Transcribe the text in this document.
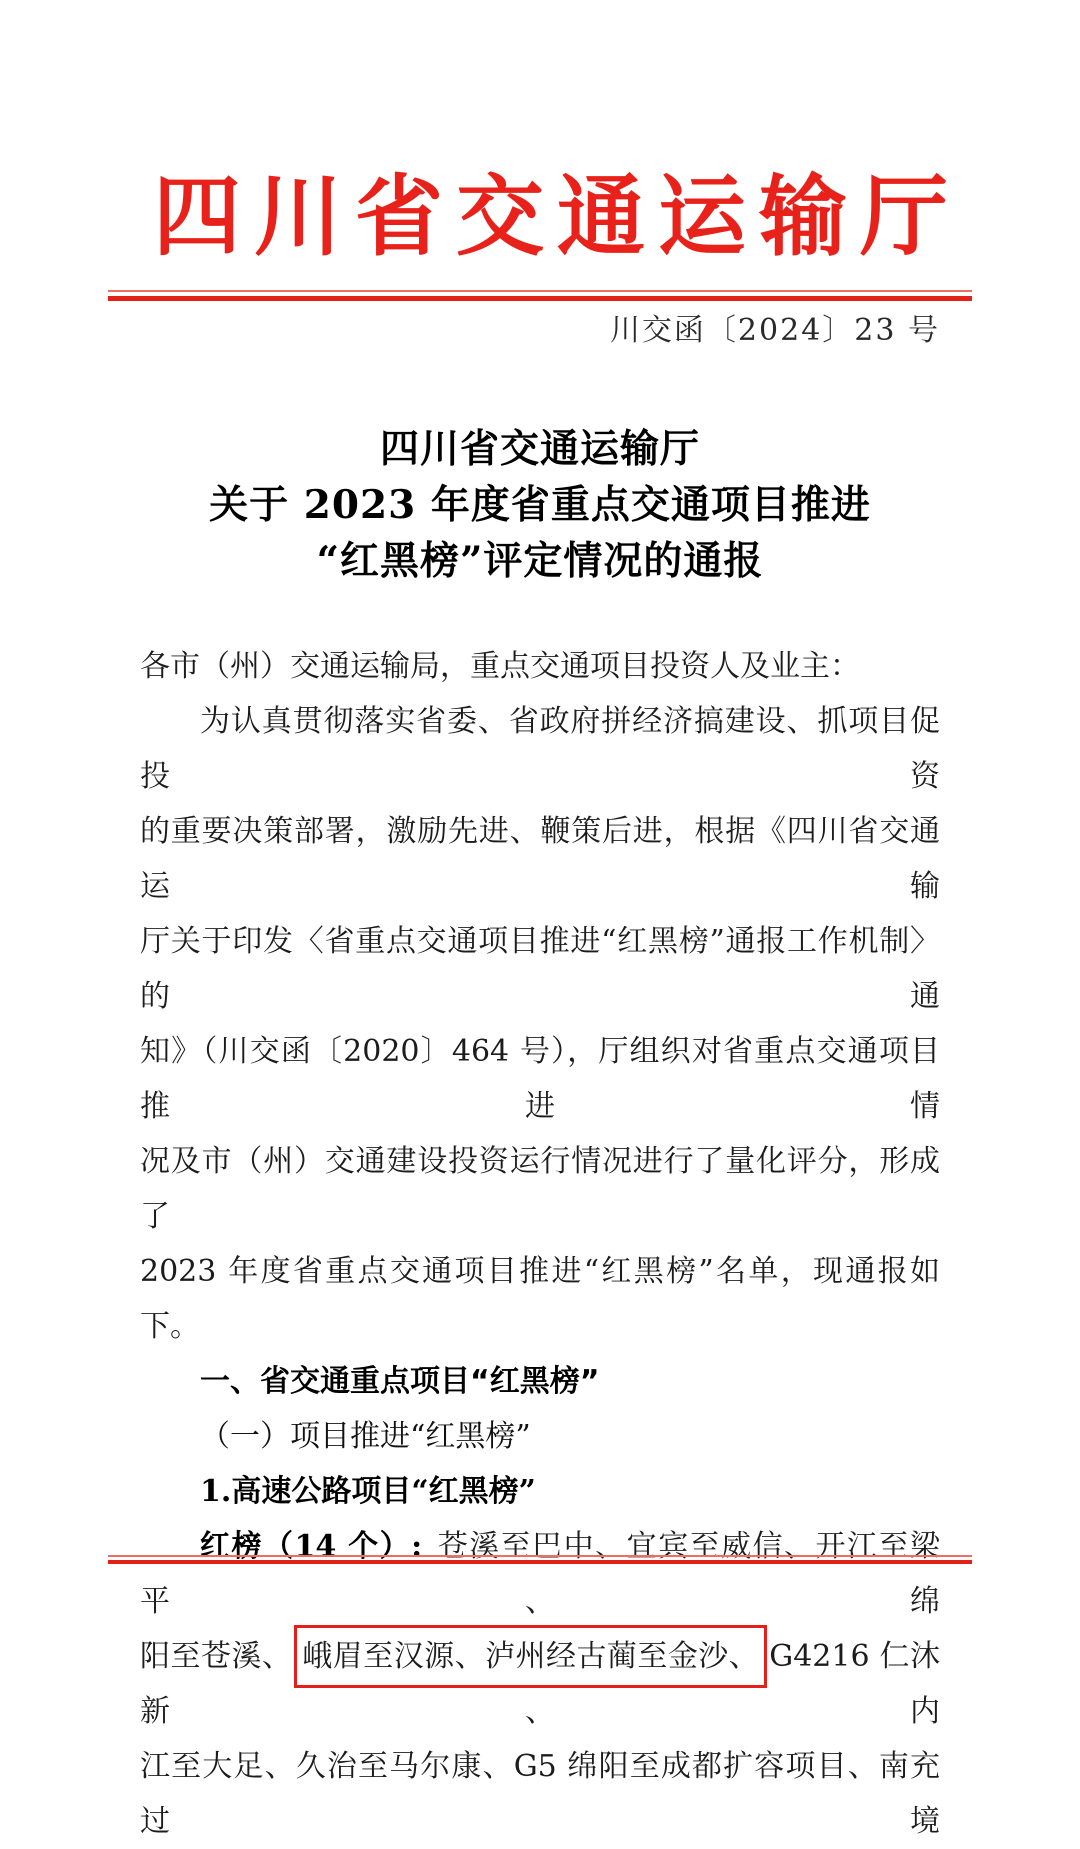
四川省交通运输厅
川交函〔2024〕23 号
四川省交通运输厅
关于 2023 年度省重点交通项目推进
“红黑榜”评定情况的通报
各市（州）交通运输局，重点交通项目投资人及业主：
为认真贯彻落实省委、省政府拼经济搞建设、抓项目促投资
的重要决策部署，激励先进、鞭策后进，根据《四川省交通运输
厅关于印发〈省重点交通项目推进“红黑榜”通报工作机制〉的通
知》（川交函〔2020〕464 号），厅组织对省重点交通项目推进情
况及市（州）交通建设投资运行情况进行了量化评分，形成了
2023 年度省重点交通项目推进“红黑榜”名单，现通报如下。
一、省交通重点项目“红黑榜”
（一）项目推进“红黑榜”
1.高速公路项目“红黑榜”
红榜（14 个）: 苍溪至巴中、宜宾至威信、开江至梁平、绵
阳至苍溪、 峨眉至汉源、泸州经古蔺至金沙、 G4216 仁沐新、内
江至大足、久治至马尔康、G5 绵阳至成都扩容项目、南充过境
